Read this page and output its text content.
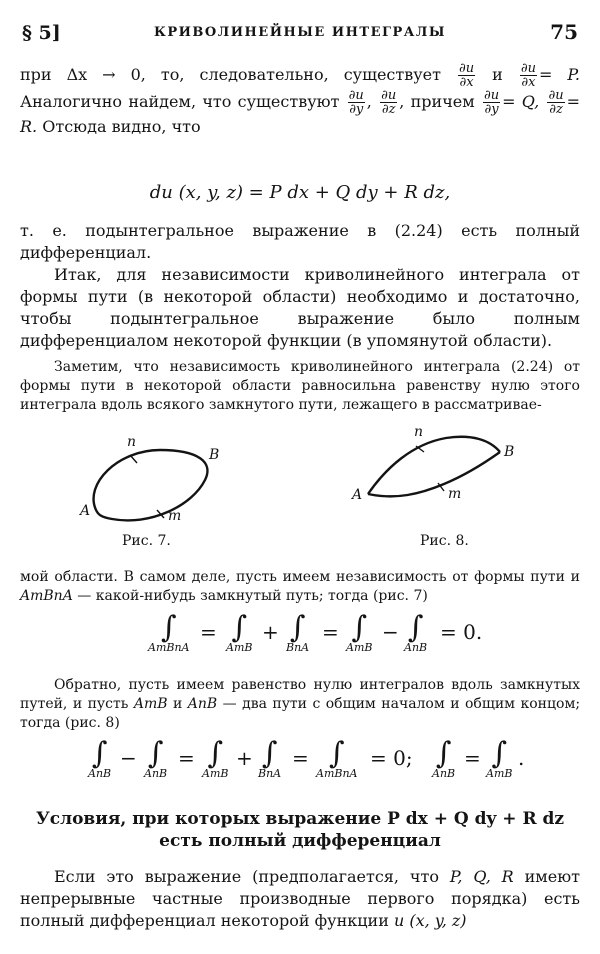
§ 5]	КРИВОЛИНЕЙНЫЕ ИНТЕГРАЛЫ	75

при Δx → 0, то, следовательно, существует $\frac{\partial u}{\partial x}$ и $\frac{\partial u}{\partial x} = P$. Аналогично найдем, что существуют $\frac{\partial u}{\partial y}$ , $\frac{\partial u}{\partial z}$ , причем $\frac{\partial u}{\partial y} = Q$, $\frac{\partial u}{\partial z} = R$. Отсюда видно, что

du (x, y, z) = P dx + Q dy + R dz,

т. е. подынтегральное выражение в (2.24) есть полный дифференциал.

Итак, для независимости криволинейного интеграла от формы пути (в некоторой области) необходимо и достаточно, чтобы подынтегральное выражение было полным дифференциалом некоторой функции (в упомянутой области).

Заметим, что независимость криволинейного интеграла (2.24) от формы пути в некоторой области равносильна равенству нулю этого интеграла вдоль всякого замкнутого пути, лежащего в рассматривае-

n
B
A	m
Рис. 7.
n
B
A	m
Рис. 8.

мой области. В самом деле, пусть имеем независимость от формы пути и AmBnA — какой-нибудь замкнутый путь; тогда (рис. 7)

∫
AmBnA
= ∫
AmB
+ ∫
BnA
= ∫
AmB
− ∫
AnB
= 0.

Обратно, пусть имеем равенство нулю интегралов вдоль замкнутых путей, и пусть AmB и AnB — два пути с общим началом и общим концом; тогда (рис. 8)

∫
AnB
− ∫
AnB
= ∫
AmB
+ ∫
BnA
= ∫
AmBnA
= 0; ∫
AnB
= ∫
AmB
.
Условия, при которых выражение P dx + Q dy + R dz
есть полный дифференциал

Если это выражение (предполагается, что P, Q, R имеют непрерывные частные производные первого порядка) есть полный дифференциал некоторой функции u (x, y, z)
